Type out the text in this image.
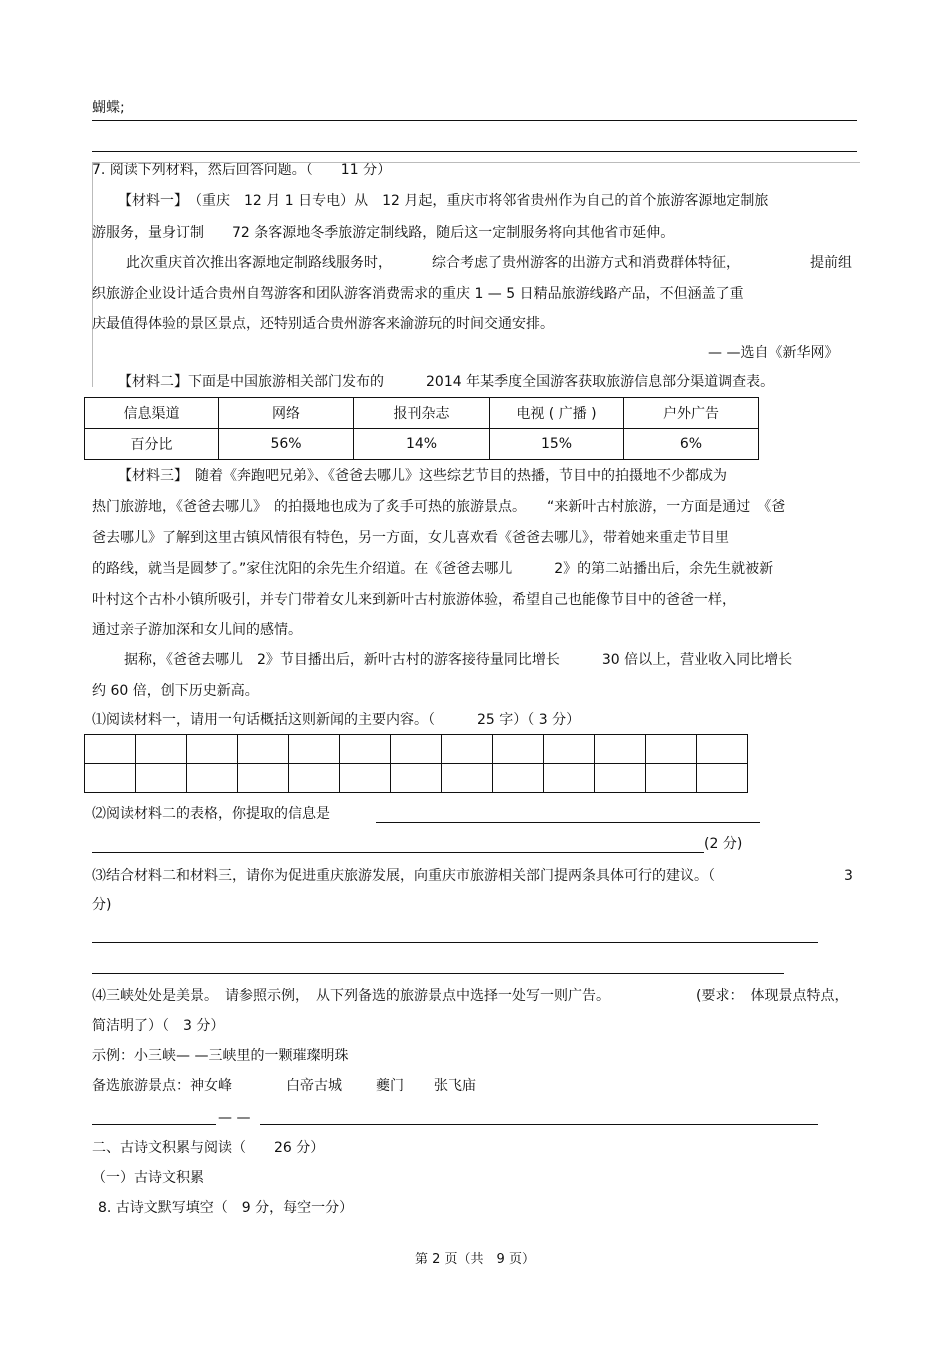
蝴蝶;
7. 阅读下列材料，然后回答问题。（　　11 分）
【材料一】　（重庆　12 月 1 日专电）从　12 月起，重庆市将邻省贵州作为自己的首个旅游客源地定制旅
游服务，量身订制　　72 条客源地冬季旅游定制线路，随后这一定制服务将向其他省市延伸。
此次重庆首次推出客源地定制路线服务时，	综合考虑了贵州游客的出游方式和消费群体特征，	提前组
织旅游企业设计适合贵州自驾游客和团队游客消费需求的重庆 1 — 5 日精品旅游线路产品，不但涵盖了重
庆最值得体验的景区景点，还特别适合贵州游客来渝游玩的时间交通安排。
— —选自《新华网》
【材料二】下面是中国旅游相关部门发布的　　　2014 年某季度全国游客获取旅游信息部分渠道调查表。
信息渠道	网络	报刊杂志	电视 ( 广播 )	户外广告
百分比	56%	14%	15%	6%
【材料三】　随着《奔跑吧兄弟》、《爸爸去哪儿》这些综艺节目的热播，节目中的拍摄地不少都成为
热门旅游地，《爸爸去哪儿》　的拍摄地也成为了炙手可热的旅游景点。　　“来新叶古村旅游，一方面是通过　《爸
爸去哪儿》了解到这里古镇风情很有特色，另一方面，女儿喜欢看《爸爸去哪儿》，带着她来重走节目里
的路线，就当是圆梦了。”家住沈阳的余先生介绍道。在《爸爸去哪儿　　　2》的第二站播出后，余先生就被新
叶村这个古朴小镇所吸引，并专门带着女儿来到新叶古村旅游体验，希望自己也能像节目中的爸爸一样，
通过亲子游加深和女儿间的感情。
据称，《爸爸去哪儿　2》节目播出后，新叶古村的游客接待量同比增长　　　30 倍以上，营业收入同比增长
约 60 倍，创下历史新高。
⑴阅读材料一，请用一句话概括这则新闻的主要内容。（　　　25 字）（ 3 分）

⑵阅读材料二的表格，你提取的信息是
(2 分)
⑶结合材料二和材料三，请你为促进重庆旅游发展，向重庆市旅游相关部门提两条具体可行的建议。（	3
分)
⑷三峡处处是美景。　请参照示例，　从下列备选的旅游景点中选择一处写一则广告。	(要求：　体现景点特点，
简洁明了）（　3 分）
示例：小三峡— —三峡里的一颗璀璨明珠
备选旅游景点：神女峰	白帝古城 夔门 张飞庙
— —
二、古诗文积累与阅读（　　26 分）
（一）古诗文积累
8. 古诗文默写填空（　9 分，每空一分）
第 2 页（共　9 页）
